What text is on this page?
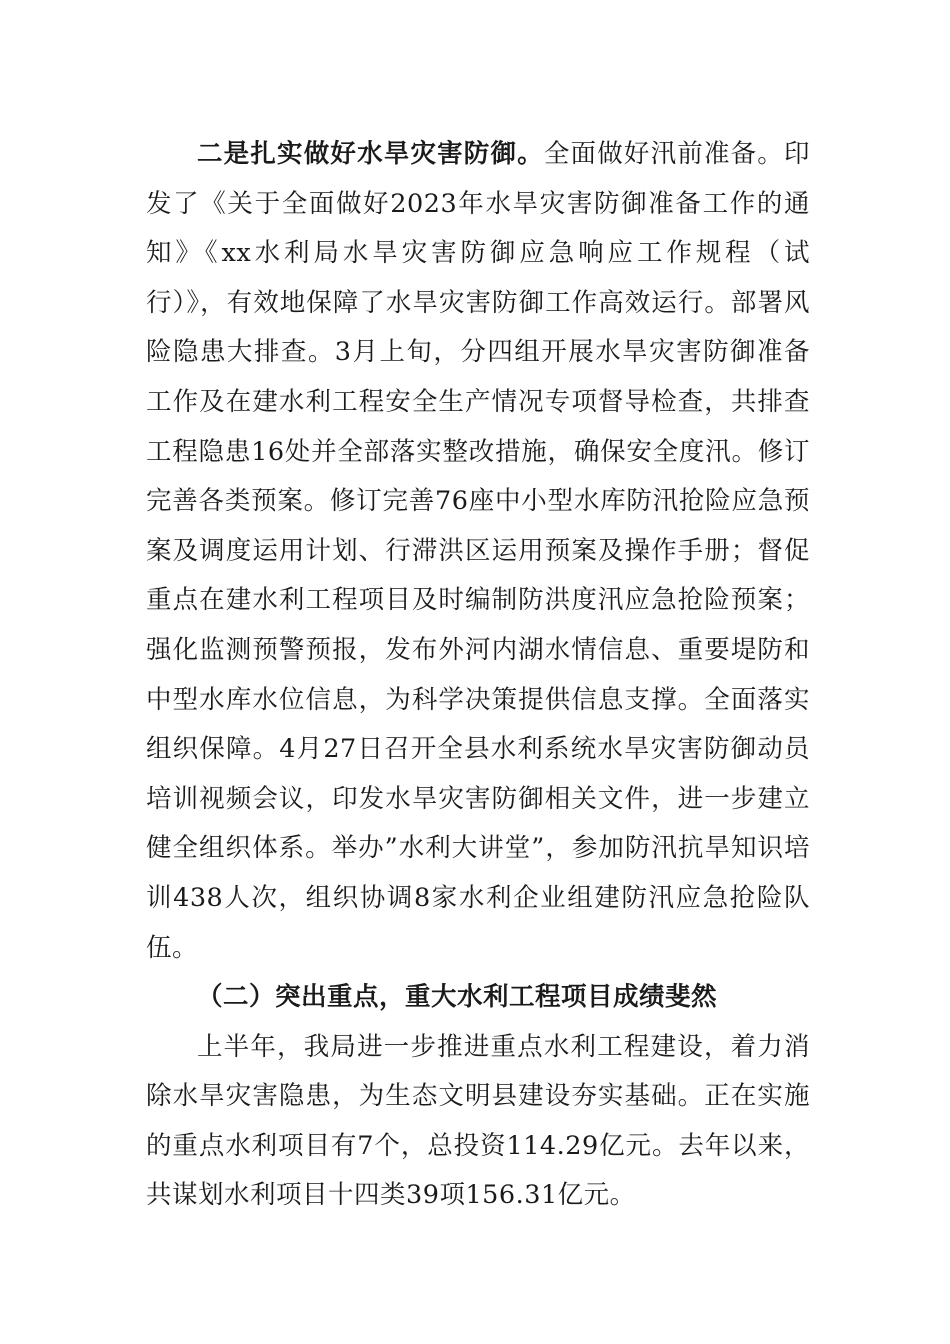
二是扎实做好水旱灾害防御。全面做好汛前准备。印发了《关于全面做好2023年水旱灾害防御准备工作的通知》《xx水利局水旱灾害防御应急响应工作规程（试行）》，有效地保障了水旱灾害防御工作高效运行。部署风险隐患大排查。3月上旬，分四组开展水旱灾害防御准备工作及在建水利工程安全生产情况专项督导检查，共排查工程隐患16处并全部落实整改措施，确保安全度汛。修订完善各类预案。修订完善76座中小型水库防汛抢险应急预案及调度运用计划、行滞洪区运用预案及操作手册；督促重点在建水利工程项目及时编制防洪度汛应急抢险预案；强化监测预警预报，发布外河内湖水情信息、重要堤防和中型水库水位信息，为科学决策提供信息支撑。全面落实组织保障。4月27日召开全县水利系统水旱灾害防御动员培训视频会议，印发水旱灾害防御相关文件，进一步建立健全组织体系。举办”水利大讲堂”，参加防汛抗旱知识培训438人次，组织协调8家水利企业组建防汛应急抢险队伍。

（二）突出重点，重大水利工程项目成绩斐然

上半年，我局进一步推进重点水利工程建设，着力消除水旱灾害隐患，为生态文明县建设夯实基础。正在实施的重点水利项目有7个，总投资114.29亿元。去年以来，共谋划水利项目十四类39项156.31亿元。
